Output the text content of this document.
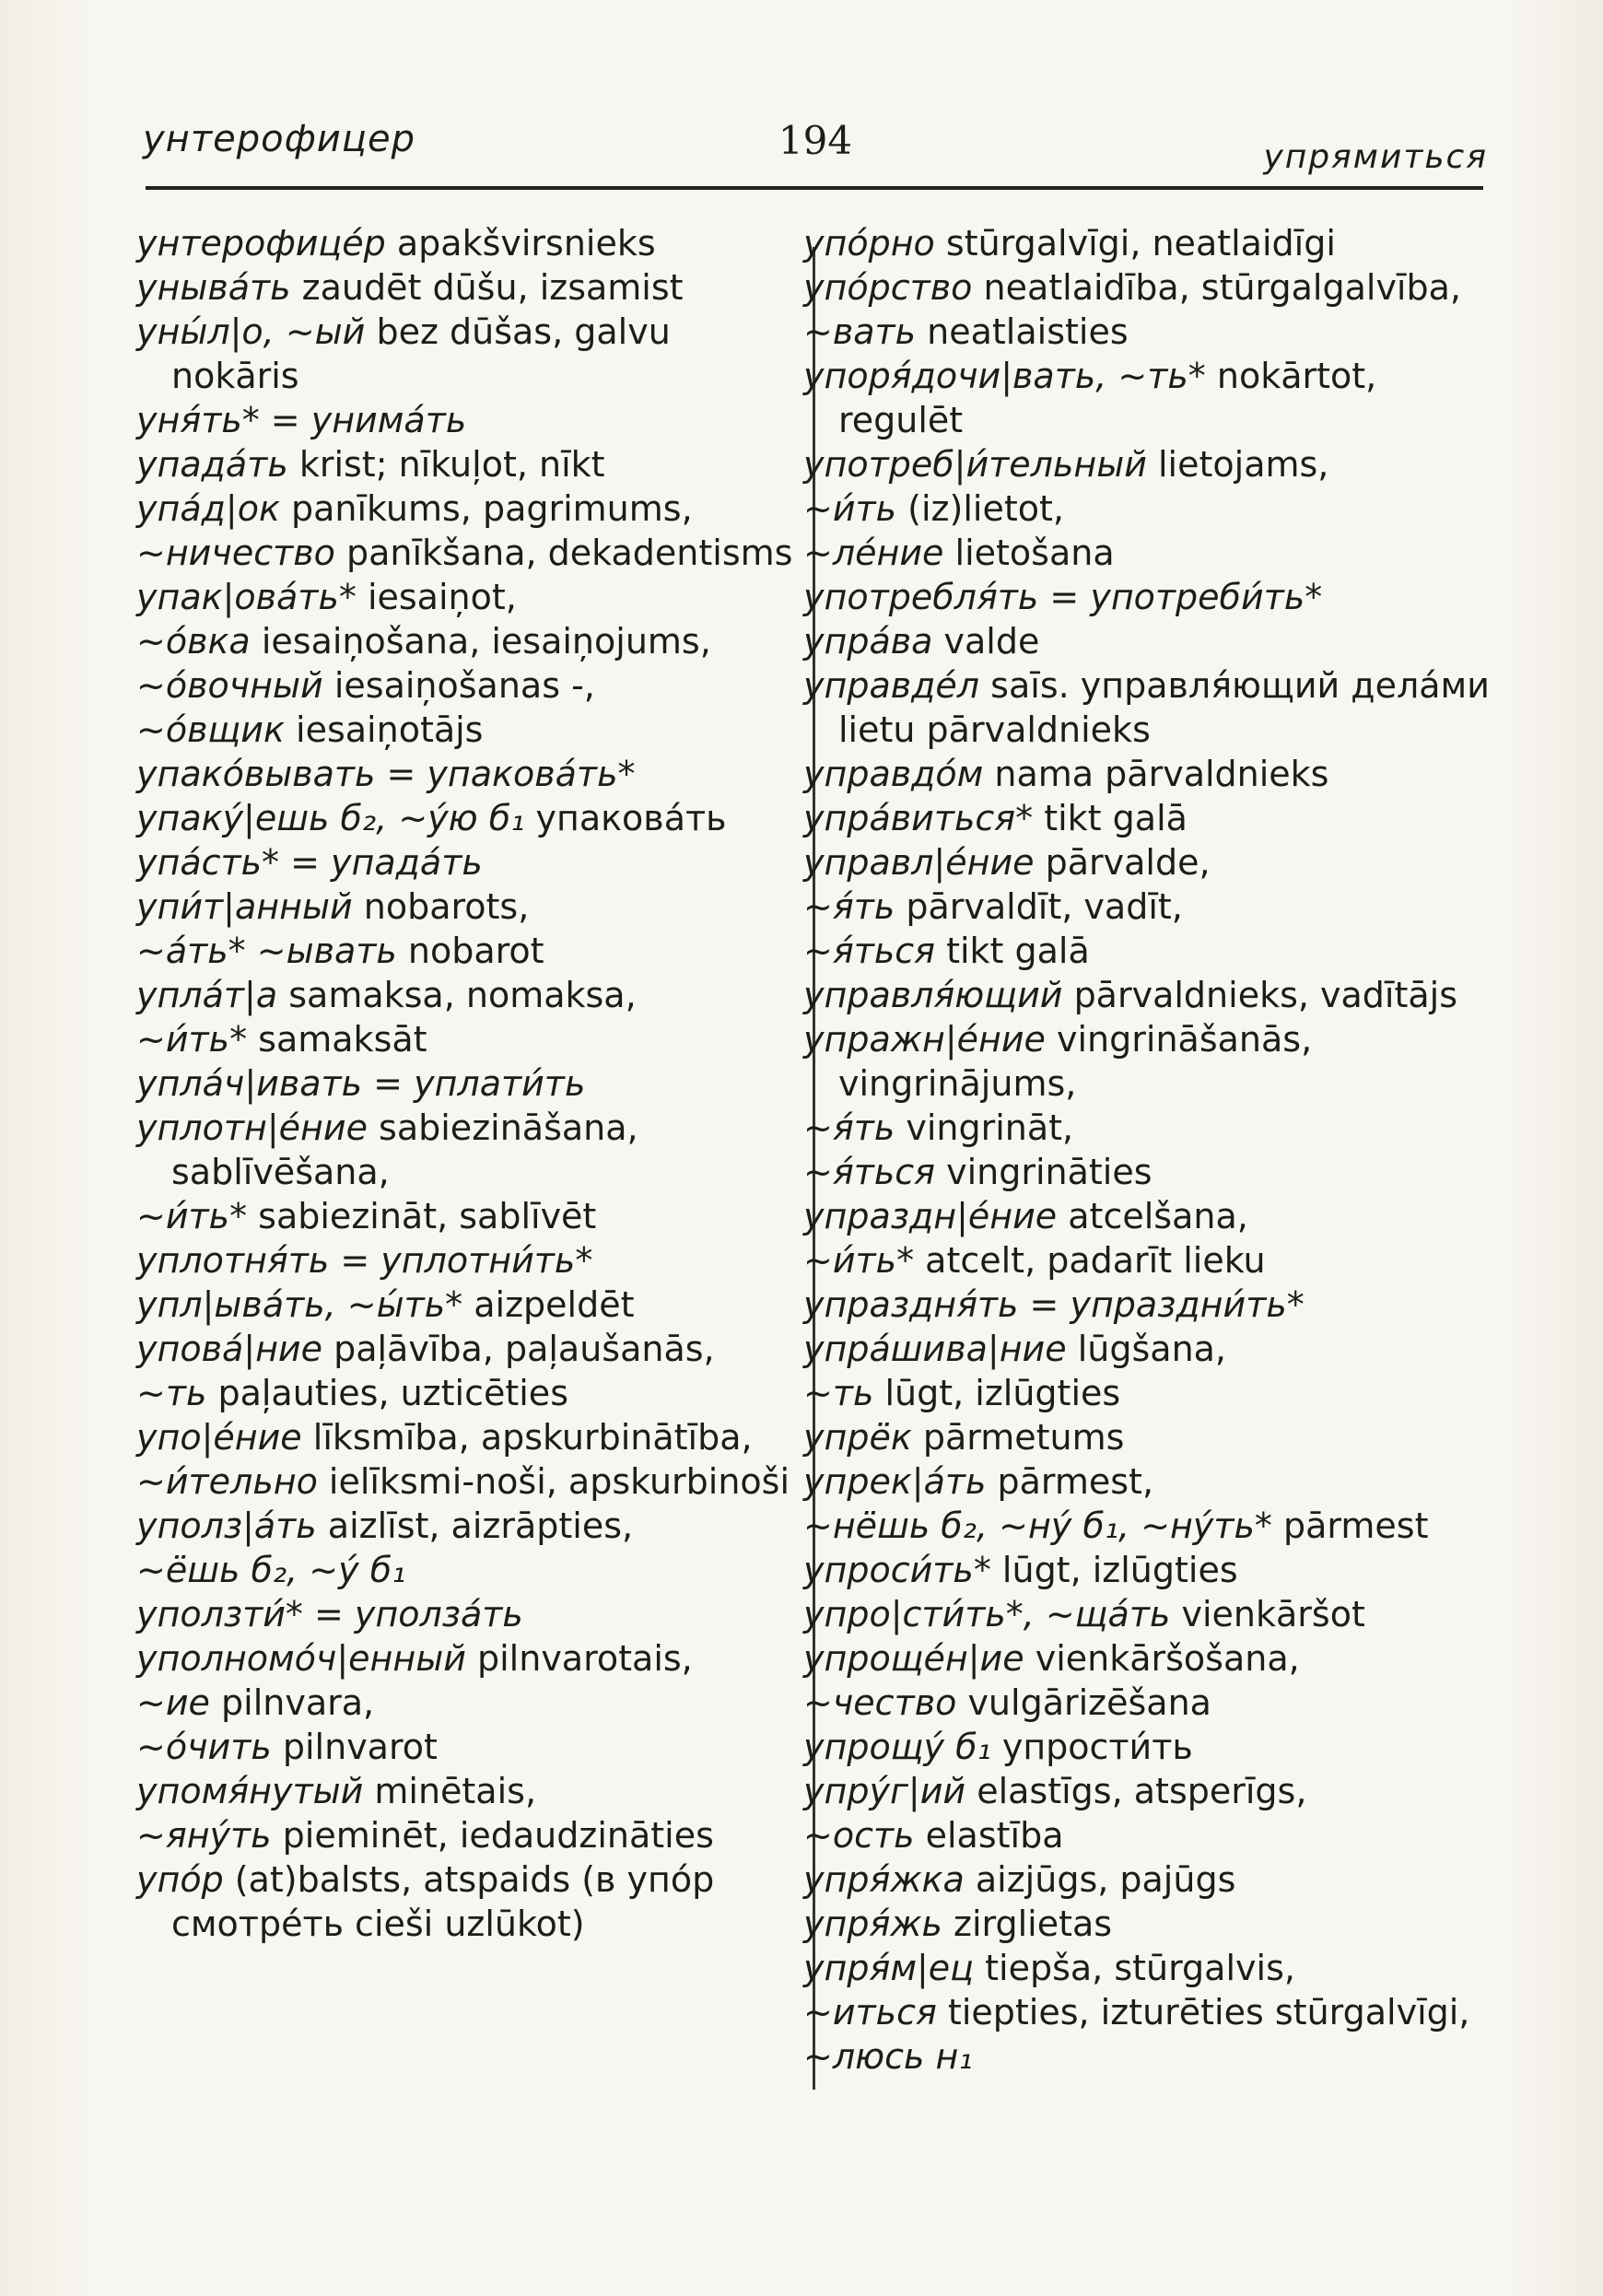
унтерофицер	194	упрямиться

унтерофице́р apakšvirsnieks

уныва́ть zaudēt dūšu, izsamist

уны́л|о, ~ый bez dūšas, galvu nokāris

уня́ть* = унима́ть

упада́ть krist; nīkuļot, nīkt

упа́д|ок panīkums, pagrimums,

~ничество panīkšana, dekadentisms

упак|ова́ть* iesaiņot,

~о́вка iesaiņošana, iesaiņojums,

~о́вочный iesaiņošanas -,

~о́вщик iesaiņotājs

упако́вывать = упакова́ть*

упаку́|ешь б₂, ~у́ю б₁ упакова́ть

упа́сть* = упада́ть

упи́т|анный nobarots,

~а́ть* ~ывать nobarot

упла́т|а samaksa, nomaksa,

~и́ть* samaksāt

упла́ч|ивать = уплати́ть

уплотн|е́ние sabiezināšana, sablīvēšana,

~и́ть* sabiezināt, sablīvēt

уплотня́ть = уплотни́ть*

упл|ыва́ть, ~ы́ть* aizpeldēt

упова́|ние paļāvība, paļaušanās,

~ть paļauties, uzticēties

упо|е́ние līksmība, apskurbinātība,

~и́тельно ielīksmi-noši, apskurbinoši

уполз|а́ть aizlīst, aizrāpties,

~ёшь б₂, ~у́ б₁

уползти́* = уполза́ть

уполномо́ч|енный pilnvarotais,

~ие pilnvara,

~о́чить pilnvarot

упомя́нутый minētais,

~яну́ть pieminēt, iedaudzināties

упо́р (at)balsts, atspaids (в упо́р смотре́ть cieši uzlūkot)

упо́рно stūrgalvīgi, neatlaidīgi

упо́рство neatlaidība, stūrgalgalvība,

~вать neatlaisties

упоря́дочи|вать, ~ть* nokārtot, regulēt

употреб|и́тельный lietojams,

~и́ть (iz)lietot,

~ле́ние lietošana

употребля́ть = употреби́ть*

упра́ва valde

управде́л saīs. управля́ющий дела́ми lietu pārvaldnieks

управдо́м nama pārvaldnieks

упра́виться* tikt galā

управл|е́ние pārvalde,

~я́ть pārvaldīt, vadīt,

~я́ться tikt galā

управля́ющий pārvaldnieks, vadītājs

упражн|е́ние vingrināšanās, vingrinājums,

~я́ть vingrināt,

~я́ться vingrināties

упраздн|е́ние atcelšana,

~и́ть* atcelt, padarīt lieku

упраздня́ть = упраздни́ть*

упра́шива|ние lūgšana,

~ть lūgt, izlūgties

упрёк pārmetums

упрек|а́ть pārmest,

~нёшь б₂, ~ну́ б₁, ~ну́ть* pārmest

упроси́ть* lūgt, izlūgties

упро|сти́ть*, ~ща́ть vienkāršot

упроще́н|ие vienkāršošana,

~чество vulgārizēšana

упрощу́ б₁ упрости́ть

упру́г|ий elastīgs, atsperīgs,

~ость elastība

упря́жка aizjūgs, pajūgs

упря́жь zirglietas

упря́м|ец tiepša, stūrgalvis,

~иться tiepties, izturēties stūrgalvīgi,

~люсь н₁
